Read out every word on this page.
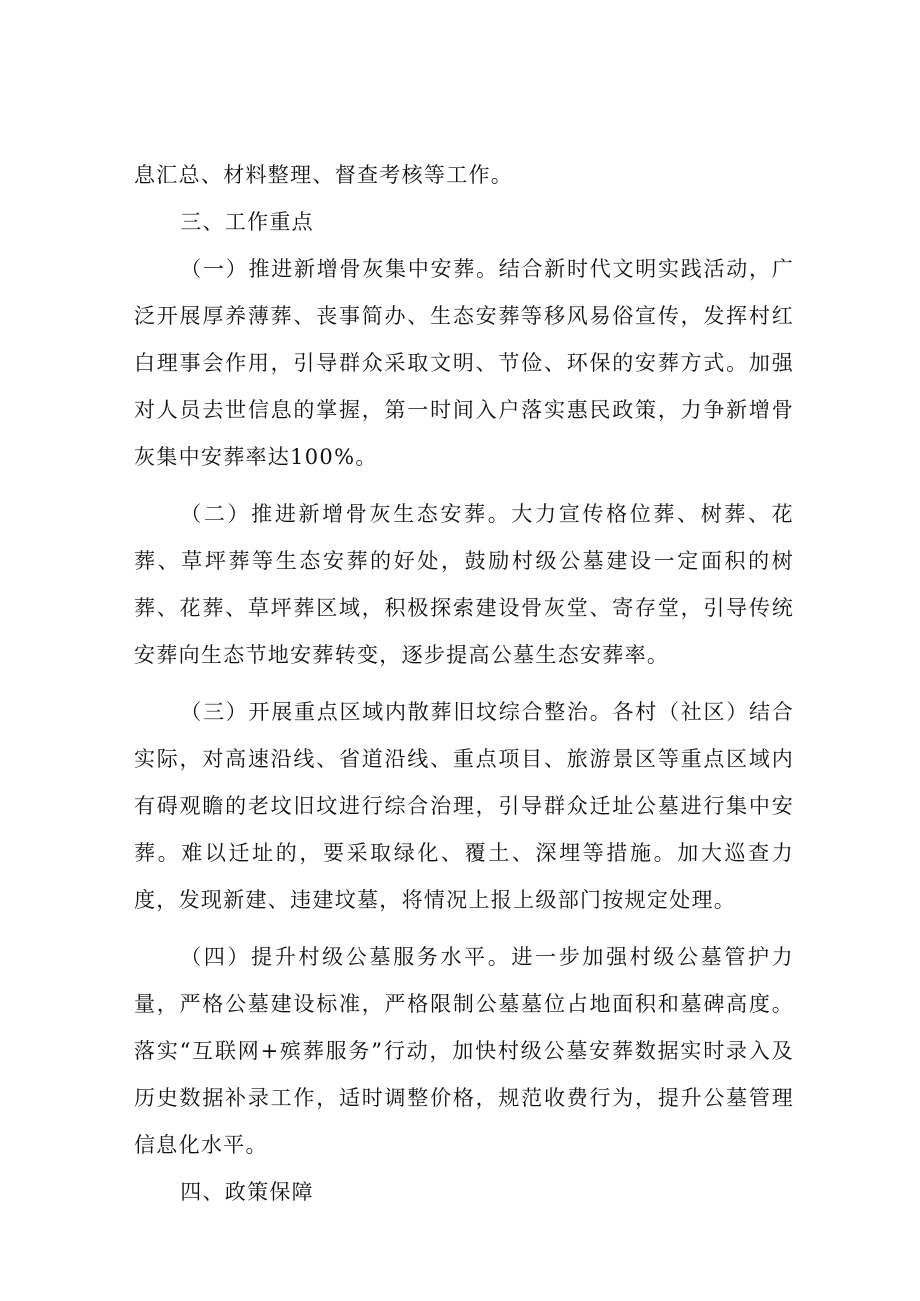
息汇总、材料整理、督查考核等工作。

三、工作重点

（一）推进新增骨灰集中安葬。结合新时代文明实践活动，广泛开展厚养薄葬、丧事简办、生态安葬等移风易俗宣传，发挥村红白理事会作用，引导群众采取文明、节俭、环保的安葬方式。加强对人员去世信息的掌握，第一时间入户落实惠民政策，力争新增骨灰集中安葬率达100%。

（二）推进新增骨灰生态安葬。大力宣传格位葬、树葬、花葬、草坪葬等生态安葬的好处，鼓励村级公墓建设一定面积的树葬、花葬、草坪葬区域，积极探索建设骨灰堂、寄存堂，引导传统安葬向生态节地安葬转变，逐步提高公墓生态安葬率。

（三）开展重点区域内散葬旧坟综合整治。各村（社区）结合实际，对高速沿线、省道沿线、重点项目、旅游景区等重点区域内有碍观瞻的老坟旧坟进行综合治理，引导群众迁址公墓进行集中安葬。难以迁址的，要采取绿化、覆土、深埋等措施。加大巡查力度，发现新建、违建坟墓，将情况上报上级部门按规定处理。

（四）提升村级公墓服务水平。进一步加强村级公墓管护力量，严格公墓建设标准，严格限制公墓墓位占地面积和墓碑高度。落实“互联网+殡葬服务”行动，加快村级公墓安葬数据实时录入及历史数据补录工作，适时调整价格，规范收费行为，提升公墓管理信息化水平。

四、政策保障
